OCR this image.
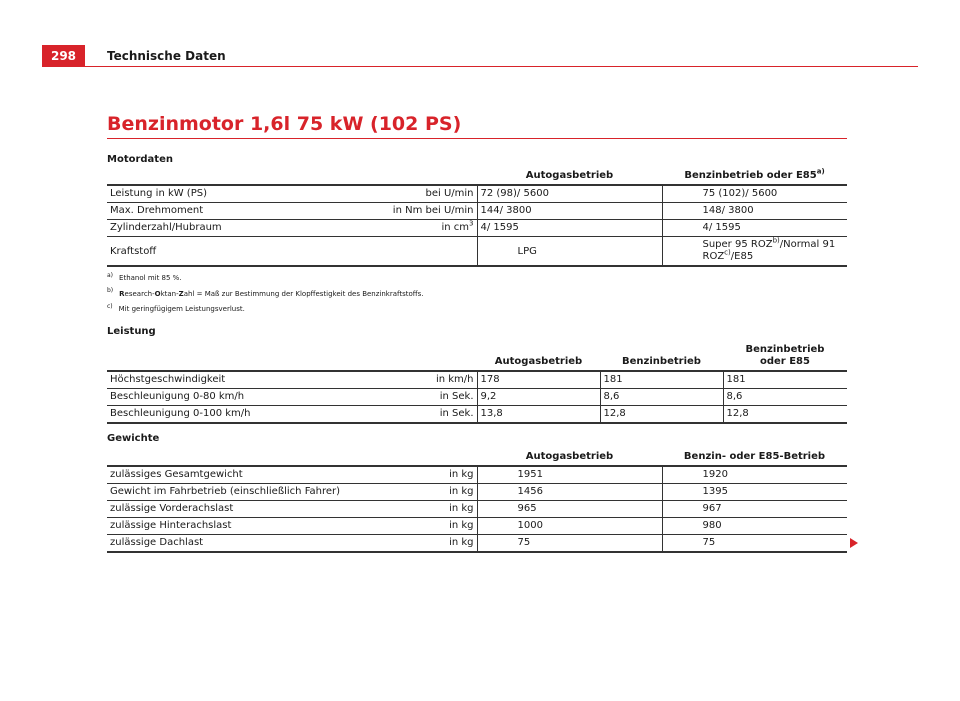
298	Technische Daten
Benzinmotor 1,6l 75 kW (102 PS)
Motordaten
	Autogasbetrieb	Benzinbetrieb oder E85$^{a)}$
Leistung in kW (PS) bei U/min	72 (98)/ 5600	75 (102)/ 5600
Max. Drehmoment in Nm bei U/min	144/ 3800	148/ 3800
Zylinderzahl/Hubraum in $cm^3$	4/ 1595	4/ 1595
Kraftstoff	LPG	Super 95 ROZ$^{b)}$/Normal 91
ROZ$^{c)}$/E85
$^{a)}$ Ethanol mit 85 %.
$^{b)}$ Research-Oktan-Zahl = Maß zur Bestimmung der Klopffestigkeit des Benzinkraftstoffs.
$^{c)}$ Mit geringfügigem Leistungsverlust.
Leistung
	Autogasbetrieb	Benzinbetrieb	Benzinbetrieb
oder E85
Höchstgeschwindigkeit in km/h	178	181	181
Beschleunigung 0-80 km/h in Sek.	9,2	8,6	8,6
Beschleunigung 0-100 km/h in Sek.	13,8	12,8	12,8
Gewichte
	Autogasbetrieb	Benzin- oder E85-Betrieb
zulässiges Gesamtgewicht in kg	1951	1920
Gewicht im Fahrbetrieb (einschließlich Fahrer) in kg	1456	1395
zulässige Vorderachslast in kg	965	967
zulässige Hinterachslast in kg	1000	980
zulässige Dachlast in kg	75	75
